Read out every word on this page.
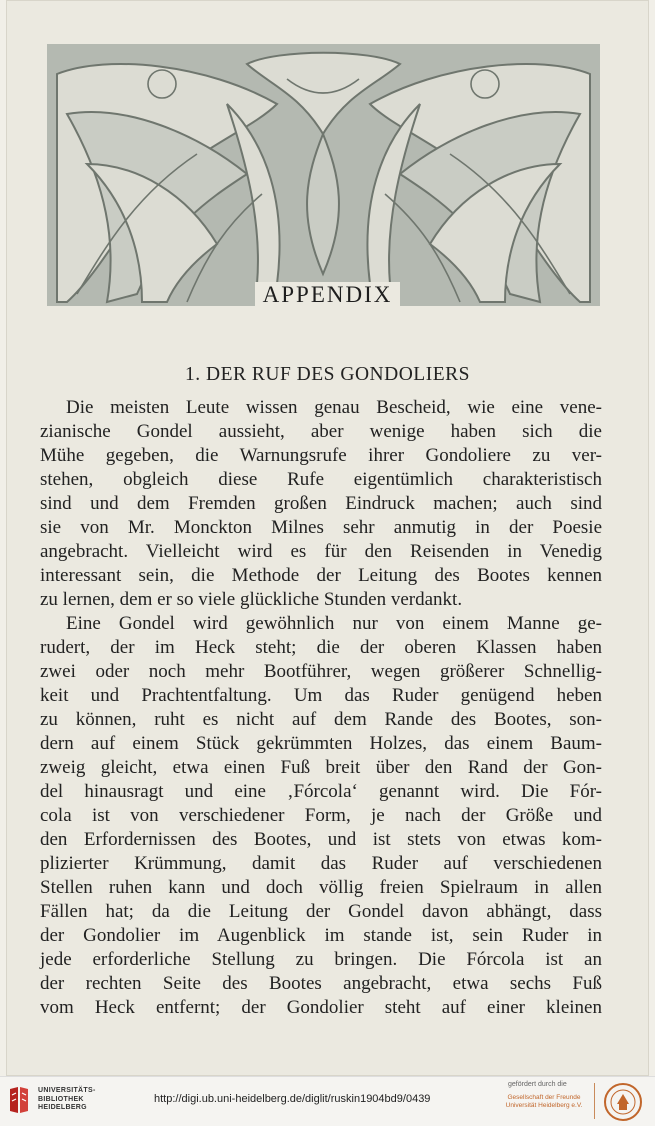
APPENDIX
1. DER RUF DES GONDOLIERS
Die meisten Leute wissen genau Bescheid, wie eine vene-
zianische Gondel aussieht, aber wenige haben sich die
Mühe gegeben, die Warnungsrufe ihrer Gondoliere zu ver-
stehen, obgleich diese Rufe eigentümlich charakteristisch
sind und dem Fremden großen Eindruck machen; auch sind
sie von Mr. Monckton Milnes sehr anmutig in der Poesie
angebracht. Vielleicht wird es für den Reisenden in Venedig
interessant sein, die Methode der Leitung des Bootes kennen
zu lernen, dem er so viele glückliche Stunden verdankt.
Eine Gondel wird gewöhnlich nur von einem Manne ge-
rudert, der im Heck steht; die der oberen Klassen haben
zwei oder noch mehr Bootführer, wegen größerer Schnellig-
keit und Prachtentfaltung. Um das Ruder genügend heben
zu können, ruht es nicht auf dem Rande des Bootes, son-
dern auf einem Stück gekrümmten Holzes, das einem Baum-
zweig gleicht, etwa einen Fuß breit über den Rand der Gon-
del hinausragt und eine ‚Fórcola‘ genannt wird. Die Fór-
cola ist von verschiedener Form, je nach der Größe und
den Erfordernissen des Bootes, und ist stets von etwas kom-
plizierter Krümmung, damit das Ruder auf verschiedenen
Stellen ruhen kann und doch völlig freien Spielraum in allen
Fällen hat; da die Leitung der Gondel davon abhängt, dass
der Gondolier im Augenblick im stande ist, sein Ruder in
jede erforderliche Stellung zu bringen. Die Fórcola ist an
der rechten Seite des Bootes angebracht, etwa sechs Fuß
vom Heck entfernt; der Gondolier steht auf einer kleinen
UNIVERSITÄTS-
BIBLIOTHEK
HEIDELBERG
http://digi.ub.uni-heidelberg.de/diglit/ruskin1904bd9/0439
gefördert durch die
Gesellschaft der Freunde
Universität Heidelberg e.V.
